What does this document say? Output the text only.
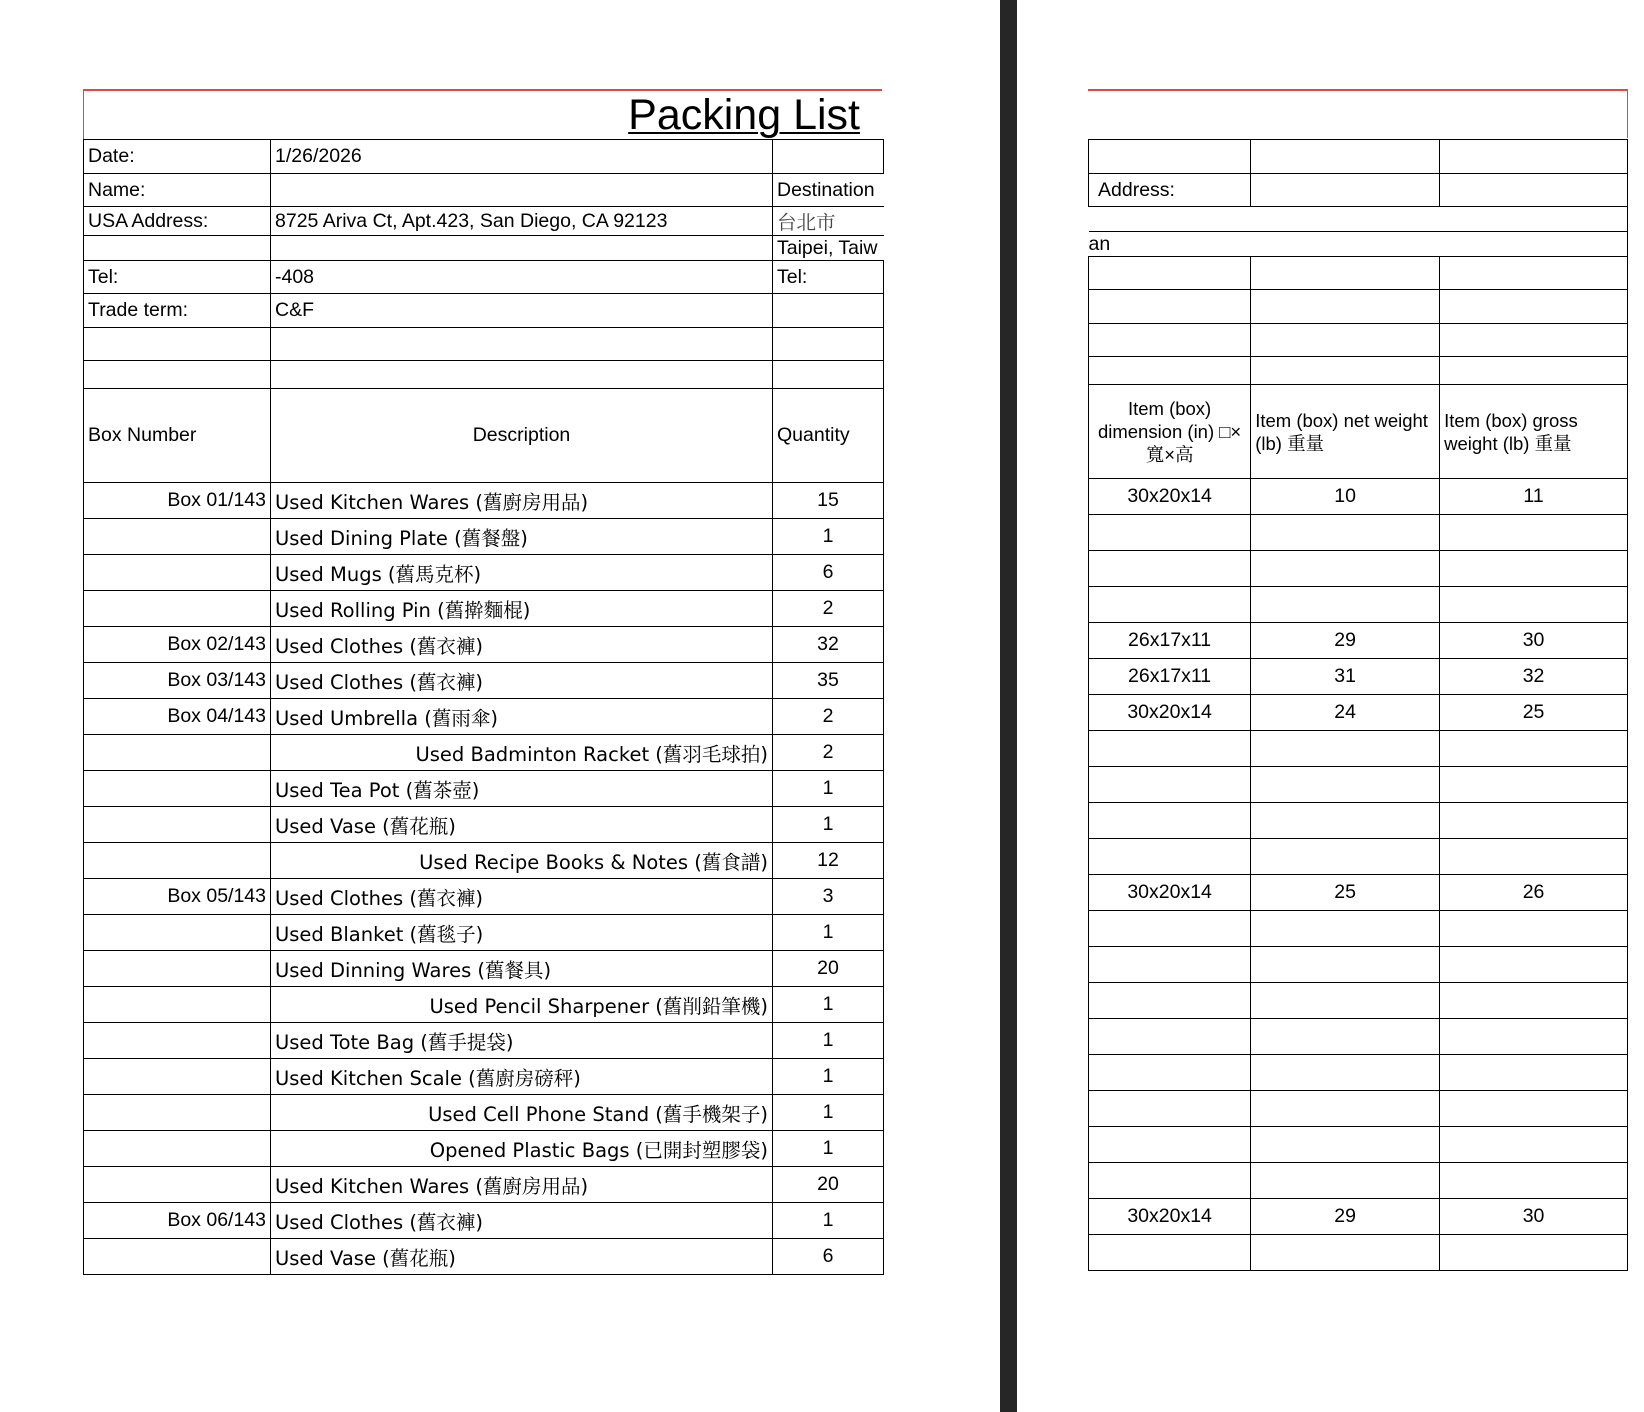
Packing List
Date:	1/26/2026	
Name:		Destination
USA Address:	8725 Ariva Ct, Apt.423, San Diego, CA 92123	台北市
		Taipei, Taiw
Tel:	-408	Tel:
Trade term:	C&F	

Box Number	Description	Quantity
Box 01/143	Used Kitchen Wares (舊廚房用品)	15
	Used Dining Plate (舊餐盤)	1
	Used Mugs (舊馬克杯)	6
	Used Rolling Pin (舊擀麵棍)	2
Box 02/143	Used Clothes (舊衣褲)	32
Box 03/143	Used Clothes (舊衣褲)	35
Box 04/143	Used Umbrella (舊雨傘)	2
	Used Badminton Racket (舊羽毛球拍)	2
	Used Tea Pot (舊茶壺)	1
	Used Vase (舊花瓶)	1
	Used Recipe Books & Notes (舊食譜)	12
Box 05/143	Used Clothes (舊衣褲)	3
	Used Blanket (舊毯子)	1
	Used Dinning Wares (舊餐具)	20
	Used Pencil Sharpener (舊削鉛筆機)	1
	Used Tote Bag (舊手提袋)	1
	Used Kitchen Scale (舊廚房磅秤)	1
	Used Cell Phone Stand (舊手機架子)	1
	Opened Plastic Bags (已開封塑膠袋)	1
	Used Kitchen Wares (舊廚房用品)	20
Box 06/143	Used Clothes (舊衣褲)	1
	Used Vase (舊花瓶)	6

Address:		

an		

Item (box) dimension (in) □×寬×高	Item (box) net weight (lb) 重量	Item (box) gross weight (lb) 重量
30x20x14	10	11

26x17x11	29	30
26x17x11	31	32
30x20x14	24	25

30x20x14	25	26

30x20x14	29	30
